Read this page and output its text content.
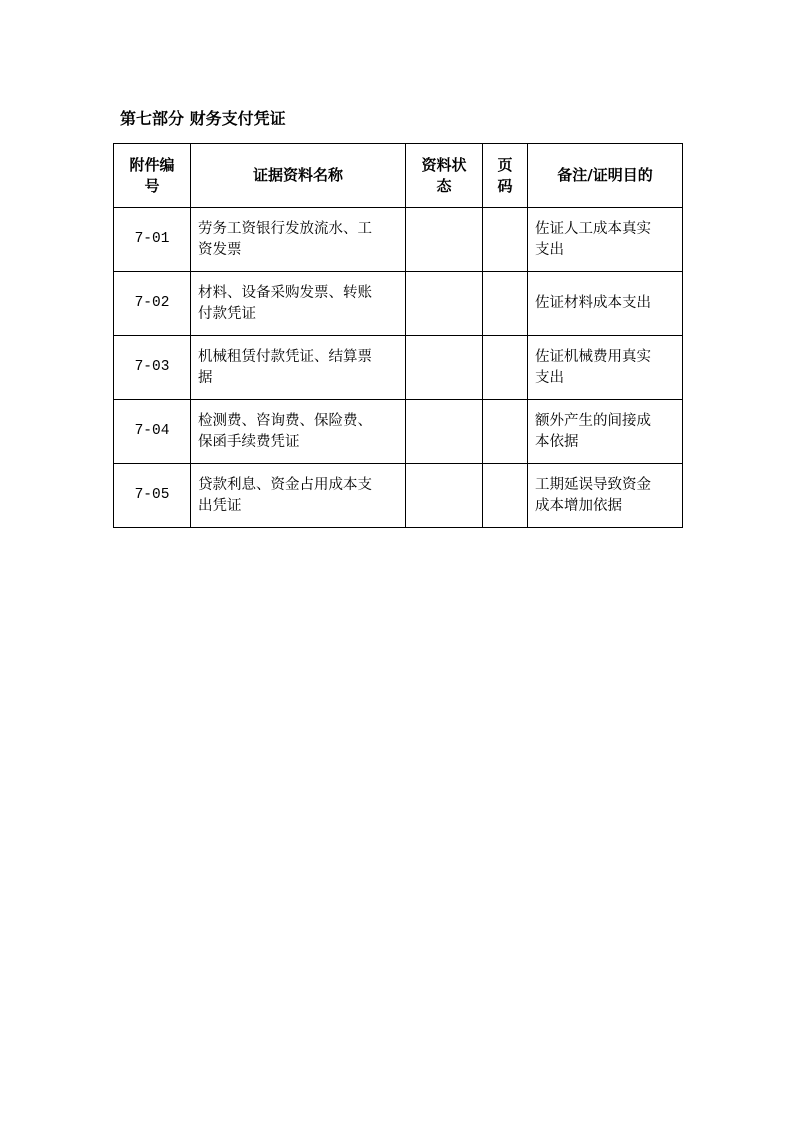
第七部分 财务支付凭证
附件编
号	证据资料名称	资料状
态	页
码	备注/证明目的
7-01	劳务工资银行发放流水、工
资发票			佐证人工成本真实
支出
7-02	材料、设备采购发票、转账
付款凭证			佐证材料成本支出
7-03	机械租赁付款凭证、结算票
据			佐证机械费用真实
支出
7-04	检测费、咨询费、保险费、
保函手续费凭证			额外产生的间接成
本依据
7-05	贷款利息、资金占用成本支
出凭证			工期延误导致资金
成本增加依据
